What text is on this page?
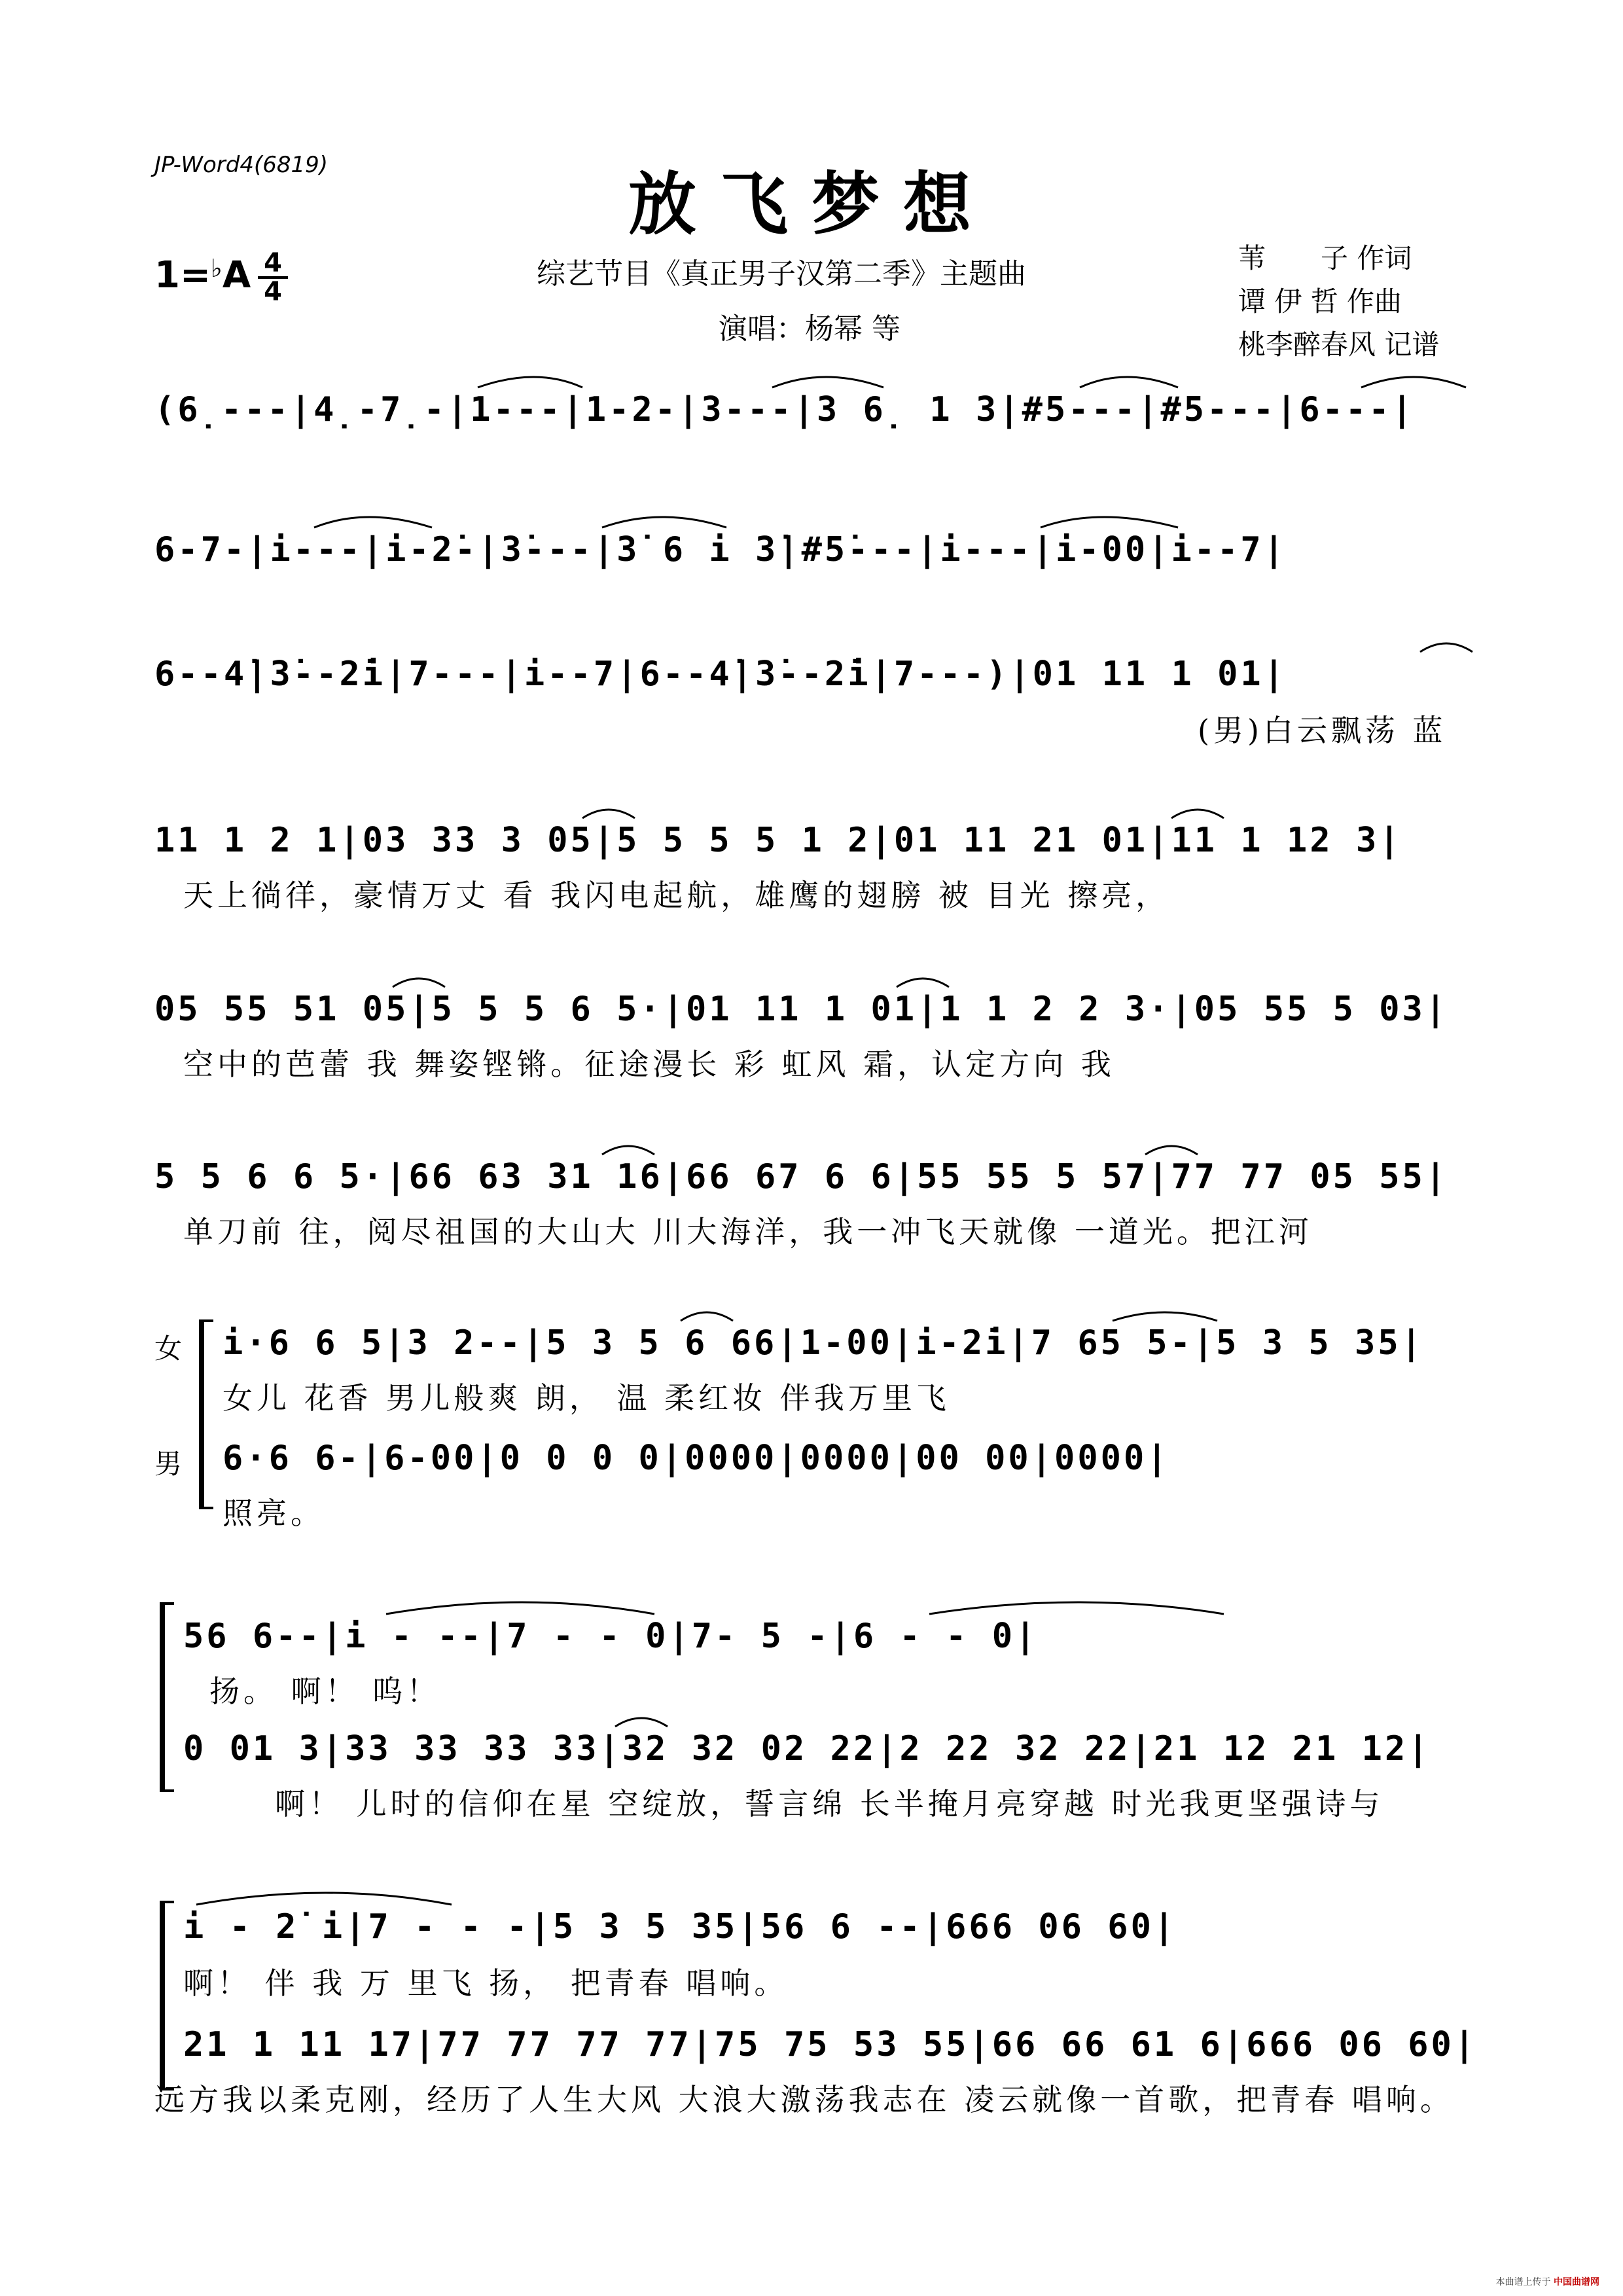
JP-Word4(6819)	放飞梦想
1=♭A 4
4
综艺节目《真正男子汉第二季》主题曲
演唱：杨幂 等
苇　　子 作词
谭 伊 哲 作曲
桃李醉春风 记谱
(6̣---|4̣-7̣-|1---|1-2-|3---|3 6̣ 1 3|#5---|#5---|6---|
6-7-|i---|i-2̇-|3̇---|3̇ 6 i 3̇|#5̇---|i---|i-00|i--7|
6--4̇|3̇--2̇i|7---|i--7|6--4̇|3̇--2̇i|7---)|01 11 1 01|
(男)白云飘荡 蓝
11 1 2 1|03 33 3 05|5 5 5 5 1 2|01 11 21 01|11 1 12 3|
天上徜徉，豪情万丈 看 我闪电起航，雄鹰的翅膀 被 目光 擦亮，
05 55 51 05|5 5 5 6 5·|01 11 1 01|1 1 2 2 3·|05 55 5 03|
空中的芭蕾 我 舞姿铿锵。征途漫长 彩 虹风 霜，认定方向 我
5 5 6 6 5·|66 63 31 16|66 67 6 6|55 55 5 57|77 77 05 55|
单刀前 往，阅尽祖国的大山大 川大海洋，我一冲飞天就像 一道光。把江河
女 i·6 6 5|3 2--|5 3 5 6 66|1-00|i-2̇i|7 65 5-|5 3 5 35|
女儿 花香 男儿般爽 朗， 温 柔红妆 伴我万里飞
男 6·6 6-|6-00|0 0 0 0|0000|0000|00 00|0000|
照亮。
56 6--|i - --|7 - - 0|7- 5 -|6 - - 0|
扬。 啊！ 呜！
0 01 3|33 33 33 33|32 32 02 22|2 22 32 22|21 12 21 12|
啊！ 儿时的信仰在星 空绽放，誓言绵 长半掩月亮穿越 时光我更坚强诗与
i - 2̇ i|7 - - -|5 3 5 35|56 6 --|666 06 60|
啊！ 伴 我 万 里飞 扬， 把青春 唱响。
21 1 11 17|77 77 77 77|75 75 53 55|66 66 61 6|666 06 60|
远方我以柔克刚，经历了人生大风 大浪大激荡我志在 凌云就像一首歌，把青春 唱响。
本曲谱上传于 中国曲谱网
